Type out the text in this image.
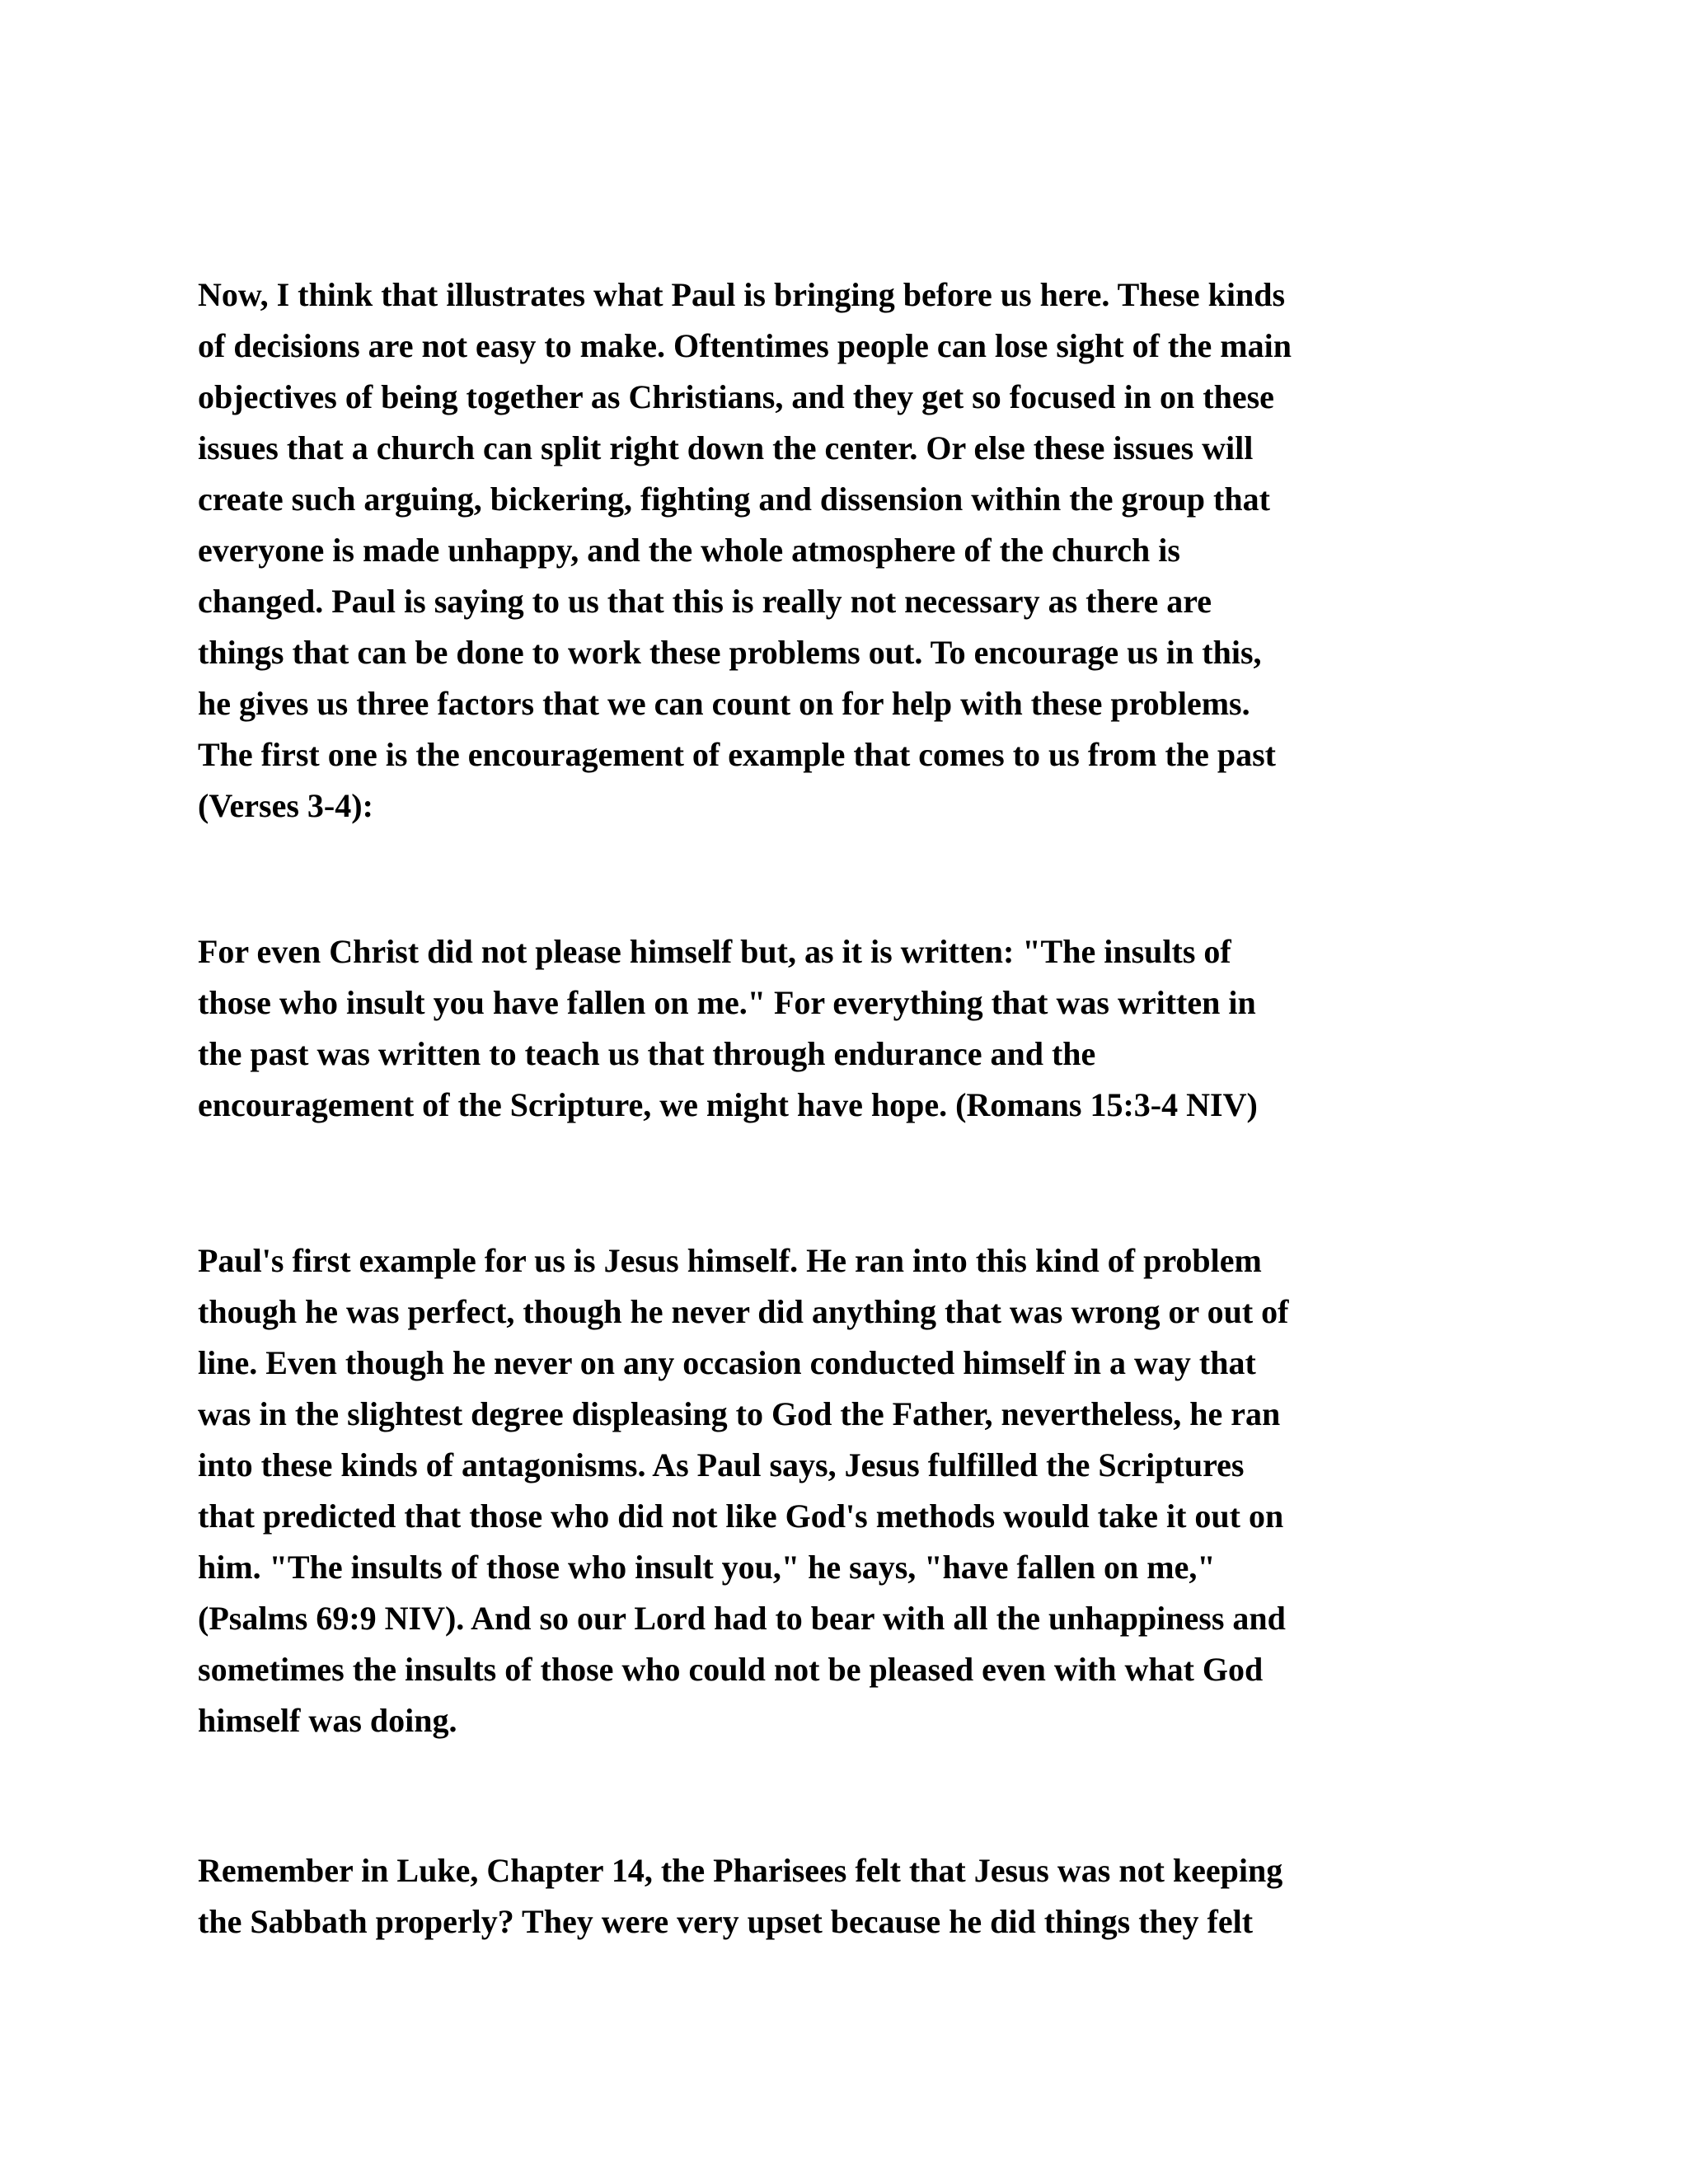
Now, I think that illustrates what Paul is bringing before us here. These kinds
of decisions are not easy to make. Oftentimes people can lose sight of the main
objectives of being together as Christians, and they get so focused in on these
issues that a church can split right down the center. Or else these issues will
create such arguing, bickering, fighting and dissension within the group that
everyone is made unhappy, and the whole atmosphere of the church is
changed. Paul is saying to us that this is really not necessary as there are
things that can be done to work these problems out. To encourage us in this,
he gives us three factors that we can count on for help with these problems.
The first one is the encouragement of example that comes to us from the past
(Verses 3-4):
For even Christ did not please himself but, as it is written: "The insults of
those who insult you have fallen on me." For everything that was written in
the past was written to teach us that through endurance and the
encouragement of the Scripture, we might have hope. (Romans 15:3-4 NIV)
Paul's first example for us is Jesus himself. He ran into this kind of problem
though he was perfect, though he never did anything that was wrong or out of
line. Even though he never on any occasion conducted himself in a way that
was in the slightest degree displeasing to God the Father, nevertheless, he ran
into these kinds of antagonisms. As Paul says, Jesus fulfilled the Scriptures
that predicted that those who did not like God's methods would take it out on
him. "The insults of those who insult you," he says, "have fallen on me,"
(Psalms 69:9 NIV). And so our Lord had to bear with all the unhappiness and
sometimes the insults of those who could not be pleased even with what God
himself was doing.
Remember in Luke, Chapter 14, the Pharisees felt that Jesus was not keeping
the Sabbath properly? They were very upset because he did things they felt
